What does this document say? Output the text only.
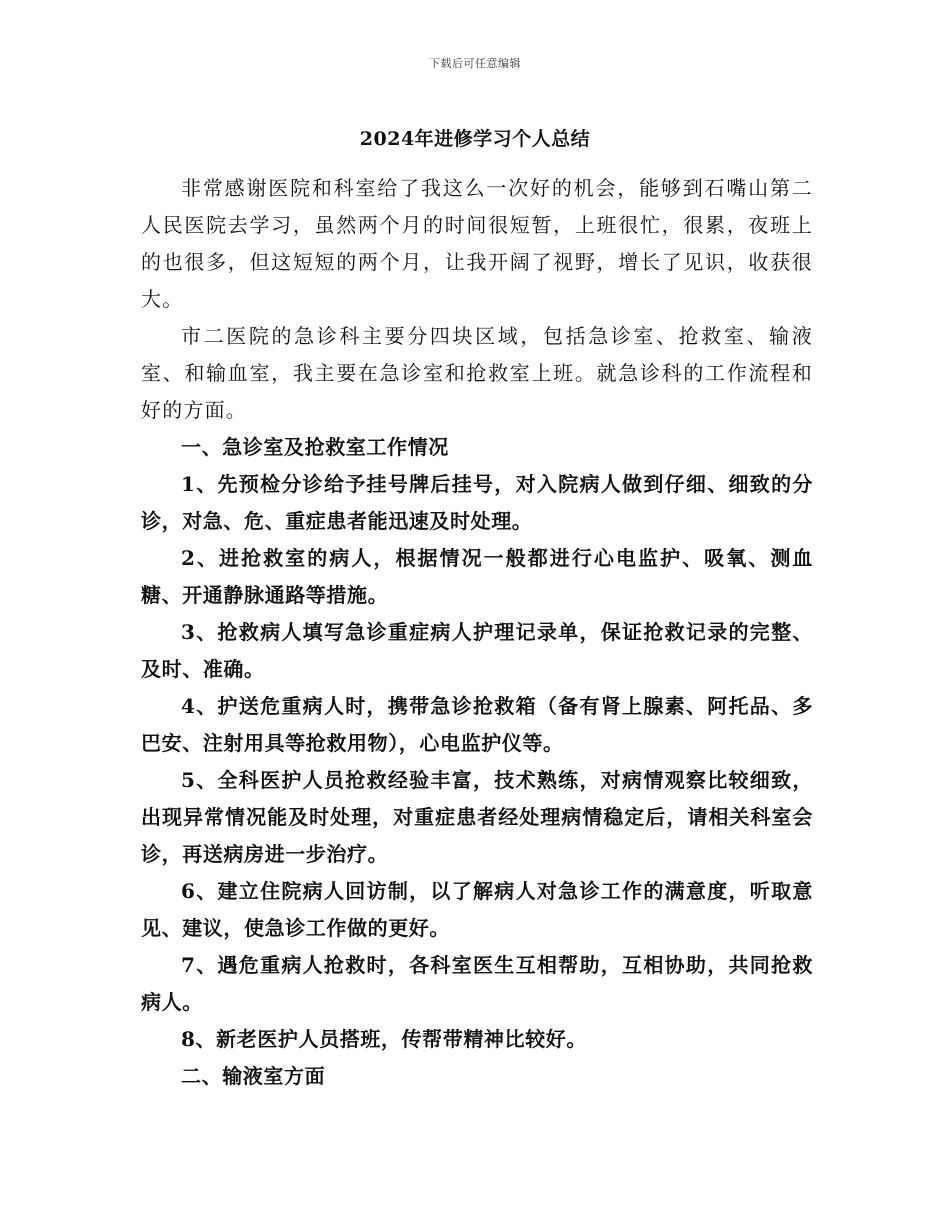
下载后可任意编辑
2024年进修学习个人总结

非常感谢医院和科室给了我这么一次好的机会，能够到石嘴山第二人民医院去学习，虽然两个月的时间很短暂，上班很忙，很累，夜班上的也很多，但这短短的两个月，让我开阔了视野，增长了见识，收获很大。

市二医院的急诊科主要分四块区域，包括急诊室、抢救室、输液室、和输血室，我主要在急诊室和抢救室上班。就急诊科的工作流程和好的方面。

一、急诊室及抢救室工作情况

1、先预检分诊给予挂号牌后挂号，对入院病人做到仔细、细致的分诊，对急、危、重症患者能迅速及时处理。

2、进抢救室的病人，根据情况一般都进行心电监护、吸氧、测血糖、开通静脉通路等措施。

3、抢救病人填写急诊重症病人护理记录单，保证抢救记录的完整、及时、准确。

4、护送危重病人时，携带急诊抢救箱（备有肾上腺素、阿托品、多巴安、注射用具等抢救用物），心电监护仪等。

5、全科医护人员抢救经验丰富，技术熟练，对病情观察比较细致，出现异常情况能及时处理，对重症患者经处理病情稳定后，请相关科室会诊，再送病房进一步治疗。

6、建立住院病人回访制，以了解病人对急诊工作的满意度，听取意见、建议，使急诊工作做的更好。

7、遇危重病人抢救时，各科室医生互相帮助，互相协助，共同抢救病人。

8、新老医护人员搭班，传帮带精神比较好。

二、输液室方面
